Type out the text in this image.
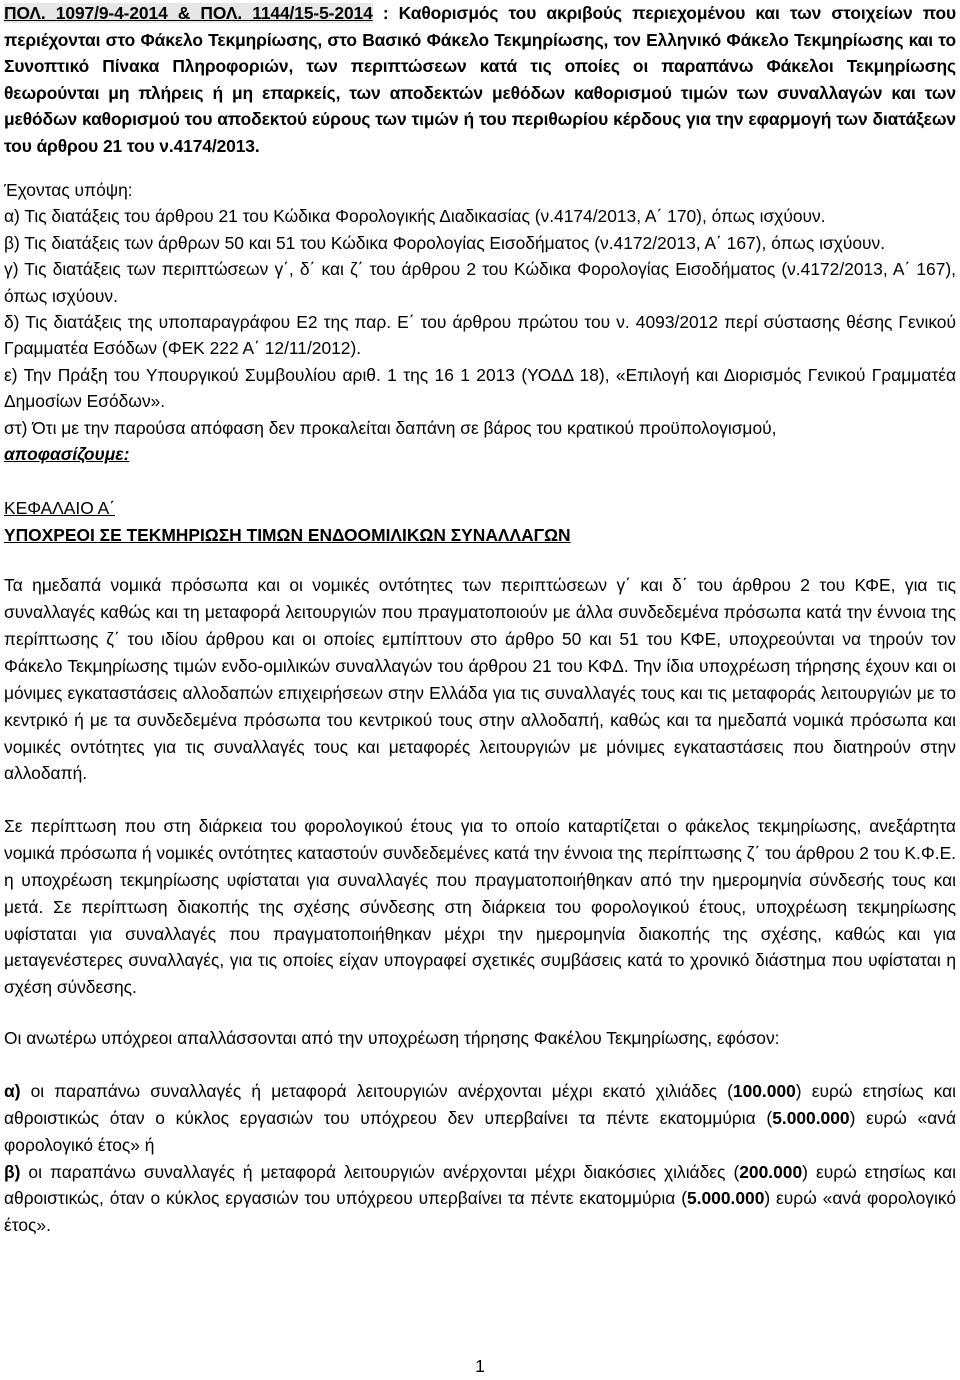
ΠΟΛ. 1097/9-4-2014 & ΠΟΛ. 1144/15-5-2014 : Καθορισμός του ακριβούς περιεχομένου και των στοιχείων που περιέχονται στο Φάκελο Τεκμηρίωσης, στο Βασικό Φάκελο Τεκμηρίωσης, τον Ελληνικό Φάκελο Τεκμηρίωσης και το Συνοπτικό Πίνακα Πληροφοριών, των περιπτώσεων κατά τις οποίες οι παραπάνω Φάκελοι Τεκμηρίωσης θεωρούνται μη πλήρεις ή μη επαρκείς, των αποδεκτών μεθόδων καθορισμού τιμών των συναλλαγών και των μεθόδων καθορισμού του αποδεκτού εύρους των τιμών ή του περιθωρίου κέρδους για την εφαρμογή των διατάξεων του άρθρου 21 του ν.4174/2013.

Έχοντας υπόψη:

α) Τις διατάξεις του άρθρου 21 του Κώδικα Φορολογικής Διαδικασίας (ν.4174/2013, Α΄ 170), όπως ισχύουν.

β) Τις διατάξεις των άρθρων 50 και 51 του Κώδικα Φορολογίας Εισοδήματος (ν.4172/2013, Α΄ 167), όπως ισχύουν.

γ) Τις διατάξεις των περιπτώσεων γ΄, δ΄ και ζ΄ του άρθρου 2 του Κώδικα Φορολογίας Εισοδήματος (ν.4172/2013, Α΄ 167), όπως ισχύουν.

δ) Τις διατάξεις της υποπαραγράφου Ε2 της παρ. Ε΄ του άρθρου πρώτου του ν. 4093/2012 περί σύστασης θέσης Γενικού Γραμματέα Εσόδων (ΦΕΚ 222 Α΄ 12/11/2012).

ε) Την Πράξη του Υπουργικού Συμβουλίου αριθ. 1 της 16 1 2013 (ΥΟΔΔ 18), «Επιλογή και Διορισμός Γενικού Γραμματέα Δημοσίων Εσόδων».

στ) Ότι με την παρούσα απόφαση δεν προκαλείται δαπάνη σε βάρος του κρατικού προϋπολογισμού,

αποφασίζουμε:

ΚΕΦΑΛΑΙΟ Α΄
ΥΠΟΧΡΕΟΙ ΣΕ ΤΕΚΜΗΡΙΩΣΗ ΤΙΜΩΝ ΕΝΔΟΟΜΙΛΙΚΩΝ ΣΥΝΑΛΛΑΓΩΝ

Τα ημεδαπά νομικά πρόσωπα και οι νομικές οντότητες των περιπτώσεων γ΄ και δ΄ του άρθρου 2 του ΚΦΕ, για τις συναλλαγές καθώς και τη μεταφορά λειτουργιών που πραγματοποιούν με άλλα συνδεδεμένα πρόσωπα κατά την έννοια της περίπτωσης ζ΄ του ιδίου άρθρου και οι οποίες εμπίπτουν στο άρθρο 50 και 51 του ΚΦΕ, υποχρεούνται να τηρούν τον Φάκελο Τεκμηρίωσης τιμών ενδο-ομιλικών συναλλαγών του άρθρου 21 του ΚΦΔ. Την ίδια υποχρέωση τήρησης έχουν και οι μόνιμες εγκαταστάσεις αλλοδαπών επιχειρήσεων στην Ελλάδα για τις συναλλαγές τους και τις μεταφοράς λειτουργιών με το κεντρικό ή με τα συνδεδεμένα πρόσωπα του κεντρικού τους στην αλλοδαπή, καθώς και τα ημεδαπά νομικά πρόσωπα και νομικές οντότητες για τις συναλλαγές τους και μεταφορές λειτουργιών με μόνιμες εγκαταστάσεις που διατηρούν στην αλλοδαπή.

Σε περίπτωση που στη διάρκεια του φορολογικού έτους για το οποίο καταρτίζεται ο φάκελος τεκμηρίωσης, ανεξάρτητα νομικά πρόσωπα ή νομικές οντότητες καταστούν συνδεδεμένες κατά την έννοια της περίπτωσης ζ΄ του άρθρου 2 του Κ.Φ.Ε. η υποχρέωση τεκμηρίωσης υφίσταται για συναλλαγές που πραγματοποιήθηκαν από την ημερομηνία σύνδεσής τους και μετά. Σε περίπτωση διακοπής της σχέσης σύνδεσης στη διάρκεια του φορολογικού έτους, υποχρέωση τεκμηρίωσης υφίσταται για συναλλαγές που πραγματοποιήθηκαν μέχρι την ημερομηνία διακοπής της σχέσης, καθώς και για μεταγενέστερες συναλλαγές, για τις οποίες είχαν υπογραφεί σχετικές συμβάσεις κατά το χρονικό διάστημα που υφίσταται η σχέση σύνδεσης.

Οι ανωτέρω υπόχρεοι απαλλάσσονται από την υποχρέωση τήρησης Φακέλου Τεκμηρίωσης, εφόσον:

α) οι παραπάνω συναλλαγές ή μεταφορά λειτουργιών ανέρχονται μέχρι εκατό χιλιάδες (100.000) ευρώ ετησίως και αθροιστικώς όταν ο κύκλος εργασιών του υπόχρεου δεν υπερβαίνει τα πέντε εκατομμύρια (5.000.000) ευρώ «ανά φορολογικό έτος» ή

β) οι παραπάνω συναλλαγές ή μεταφορά λειτουργιών ανέρχονται μέχρι διακόσιες χιλιάδες (200.000) ευρώ ετησίως και αθροιστικώς, όταν ο κύκλος εργασιών του υπόχρεου υπερβαίνει τα πέντε εκατομμύρια (5.000.000) ευρώ «ανά φορολογικό έτος».

1
